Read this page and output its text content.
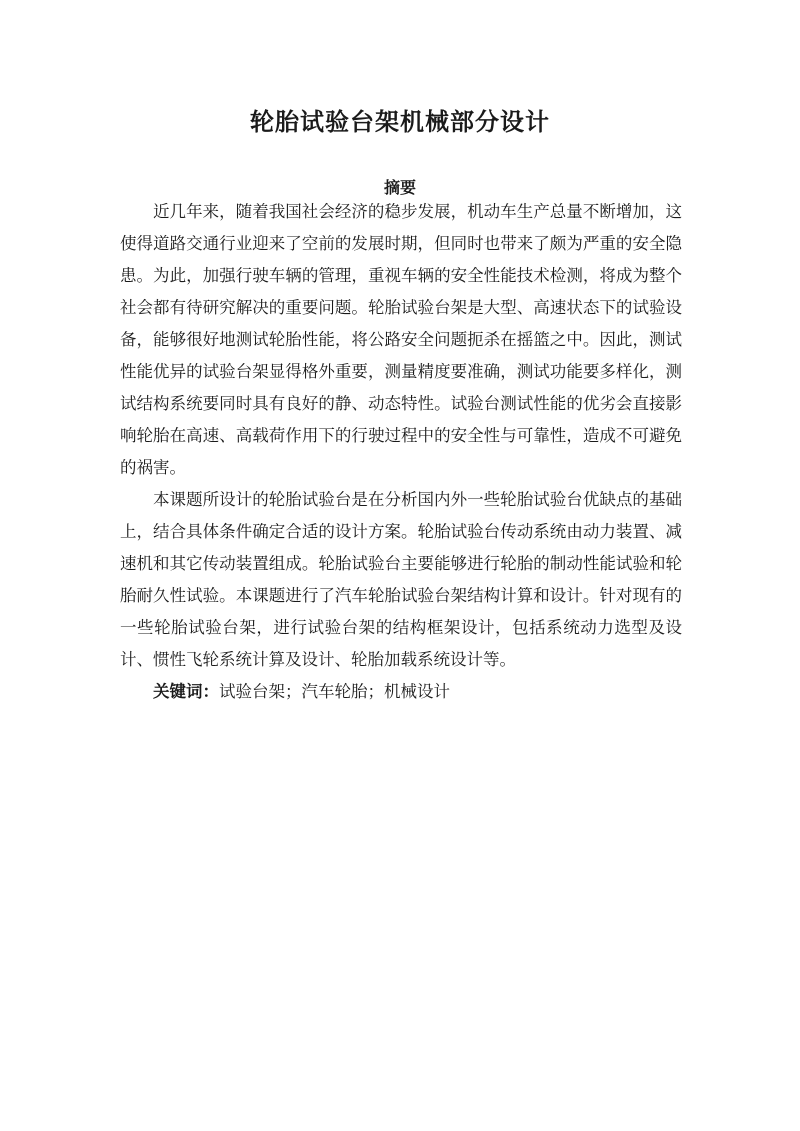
轮胎试验台架机械部分设计
摘要

近几年来，随着我国社会经济的稳步发展，机动车生产总量不断增加，这使得道路交通行业迎来了空前的发展时期，但同时也带来了颇为严重的安全隐患。为此，加强行驶车辆的管理，重视车辆的安全性能技术检测，将成为整个社会都有待研究解决的重要问题。轮胎试验台架是大型、高速状态下的试验设备，能够很好地测试轮胎性能，将公路安全问题扼杀在摇篮之中。因此，测试性能优异的试验台架显得格外重要，测量精度要准确，测试功能要多样化，测试结构系统要同时具有良好的静、动态特性。试验台测试性能的优劣会直接影响轮胎在高速、高载荷作用下的行驶过程中的安全性与可靠性，造成不可避免的祸害。

本课题所设计的轮胎试验台是在分析国内外一些轮胎试验台优缺点的基础上，结合具体条件确定合适的设计方案。轮胎试验台传动系统由动力装置、减速机和其它传动装置组成。轮胎试验台主要能够进行轮胎的制动性能试验和轮胎耐久性试验。本课题进行了汽车轮胎试验台架结构计算和设计。针对现有的一些轮胎试验台架，进行试验台架的结构框架设计，包括系统动力选型及设计、惯性飞轮系统计算及设计、轮胎加载系统设计等。

关键词：试验台架；汽车轮胎；机械设计
